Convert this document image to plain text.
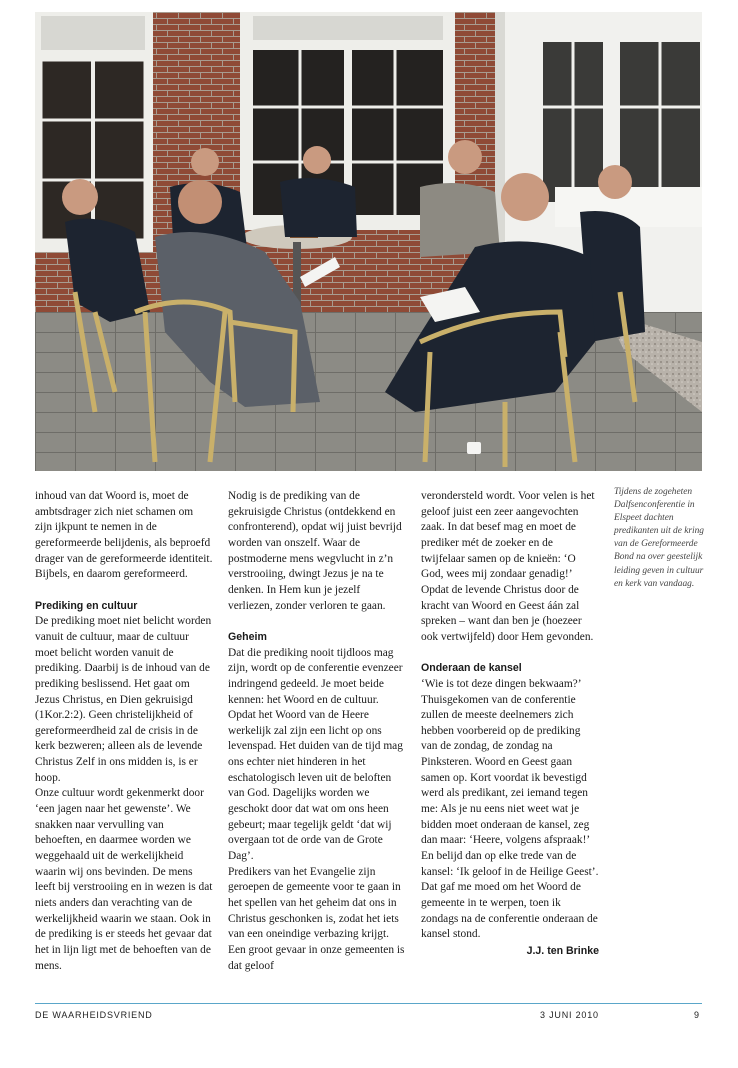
inhoud van dat Woord is, moet de ambtsdrager zich niet schamen om zijn ijkpunt te nemen in de gereformeerde belijdenis, als beproefd drager van de gereformeerde identiteit. Bijbels, en daarom gereformeerd.

Prediking en cultuur

De prediking moet niet belicht worden vanuit de cultuur, maar de cultuur moet belicht worden vanuit de prediking. Daarbij is de inhoud van de prediking beslissend. Het gaat om Jezus Christus, en Dien gekruisigd (1Kor.2:2). Geen christelijkheid of gereformeerdheid zal de crisis in de kerk bezweren; alleen als de levende Christus Zelf in ons midden is, is er hoop.

Onze cultuur wordt gekenmerkt door ‘een jagen naar het gewenste’. We snakken naar vervulling van behoeften, en daarmee worden we weggehaald uit de werkelijkheid waarin wij ons bevinden. De mens leeft bij verstrooiing en in wezen is dat niets anders dan verachting van de werkelijkheid waarin we staan. Ook in de prediking is er steeds het gevaar dat het in lijn ligt met de behoeften van de mens.

Nodig is de prediking van de gekruisigde Christus (ontdekkend en confronterend), opdat wij juist bevrijd worden van onszelf. Waar de postmoderne mens wegvlucht in z’n verstrooiing, dwingt Jezus je na te denken. In Hem kun je jezelf verliezen, zonder verloren te gaan.

Geheim

Dat die prediking nooit tijdloos mag zijn, wordt op de conferentie evenzeer indringend gedeeld. Je moet beide kennen: het Woord en de cultuur. Opdat het Woord van de Heere werkelijk zal zijn een licht op ons levenspad. Het duiden van de tijd mag ons echter niet hinderen in het eschatologisch leven uit de beloften van God. Dagelijks worden we geschokt door dat wat om ons heen gebeurt; maar tegelijk geldt ‘dat wij overgaan tot de orde van de Grote Dag’.

Predikers van het Evangelie zijn geroepen de gemeente voor te gaan in het spellen van het geheim dat ons in Christus geschonken is, zodat het iets van een oneindige verbazing krijgt. Een groot gevaar in onze gemeenten is dat geloof

verondersteld wordt. Voor velen is het geloof juist een zeer aangevochten zaak. In dat besef mag en moet de prediker mét de zoeker en de twijfelaar samen op de knieën: ‘O God, wees mij zondaar genadig!’ Opdat de levende Christus door de kracht van Woord en Geest áán zal spreken – want dan ben je (hoezeer ook vertwijfeld) door Hem gevonden.

Onderaan de kansel

‘Wie is tot deze dingen bekwaam?’ Thuisgekomen van de conferentie zullen de meeste deelnemers zich hebben voorbereid op de prediking van de zondag, de zondag na Pinksteren. Woord en Geest gaan samen op. Kort voordat ik bevestigd werd als predikant, zei iemand tegen me: Als je nu eens niet weet wat je bidden moet onderaan de kansel, zeg dan maar: ‘Heere, volgens afspraak!’ En belijd dan op elke trede van de kansel: ‘Ik geloof in de Heilige Geest’. Dat gaf me moed om het Woord de gemeente in te werpen, toen ik zondags na de conferentie onderaan de kansel stond.

J.J. ten Brinke

Tijdens de zogeheten Dalfsenconferentie in Elspeet dachten predikanten uit de kring van de Gereformeerde Bond na over geestelijk leiding geven in cultuur en kerk van vandaag.
DE WAARHEIDSVRIEND	3 JUNI 2010	9
